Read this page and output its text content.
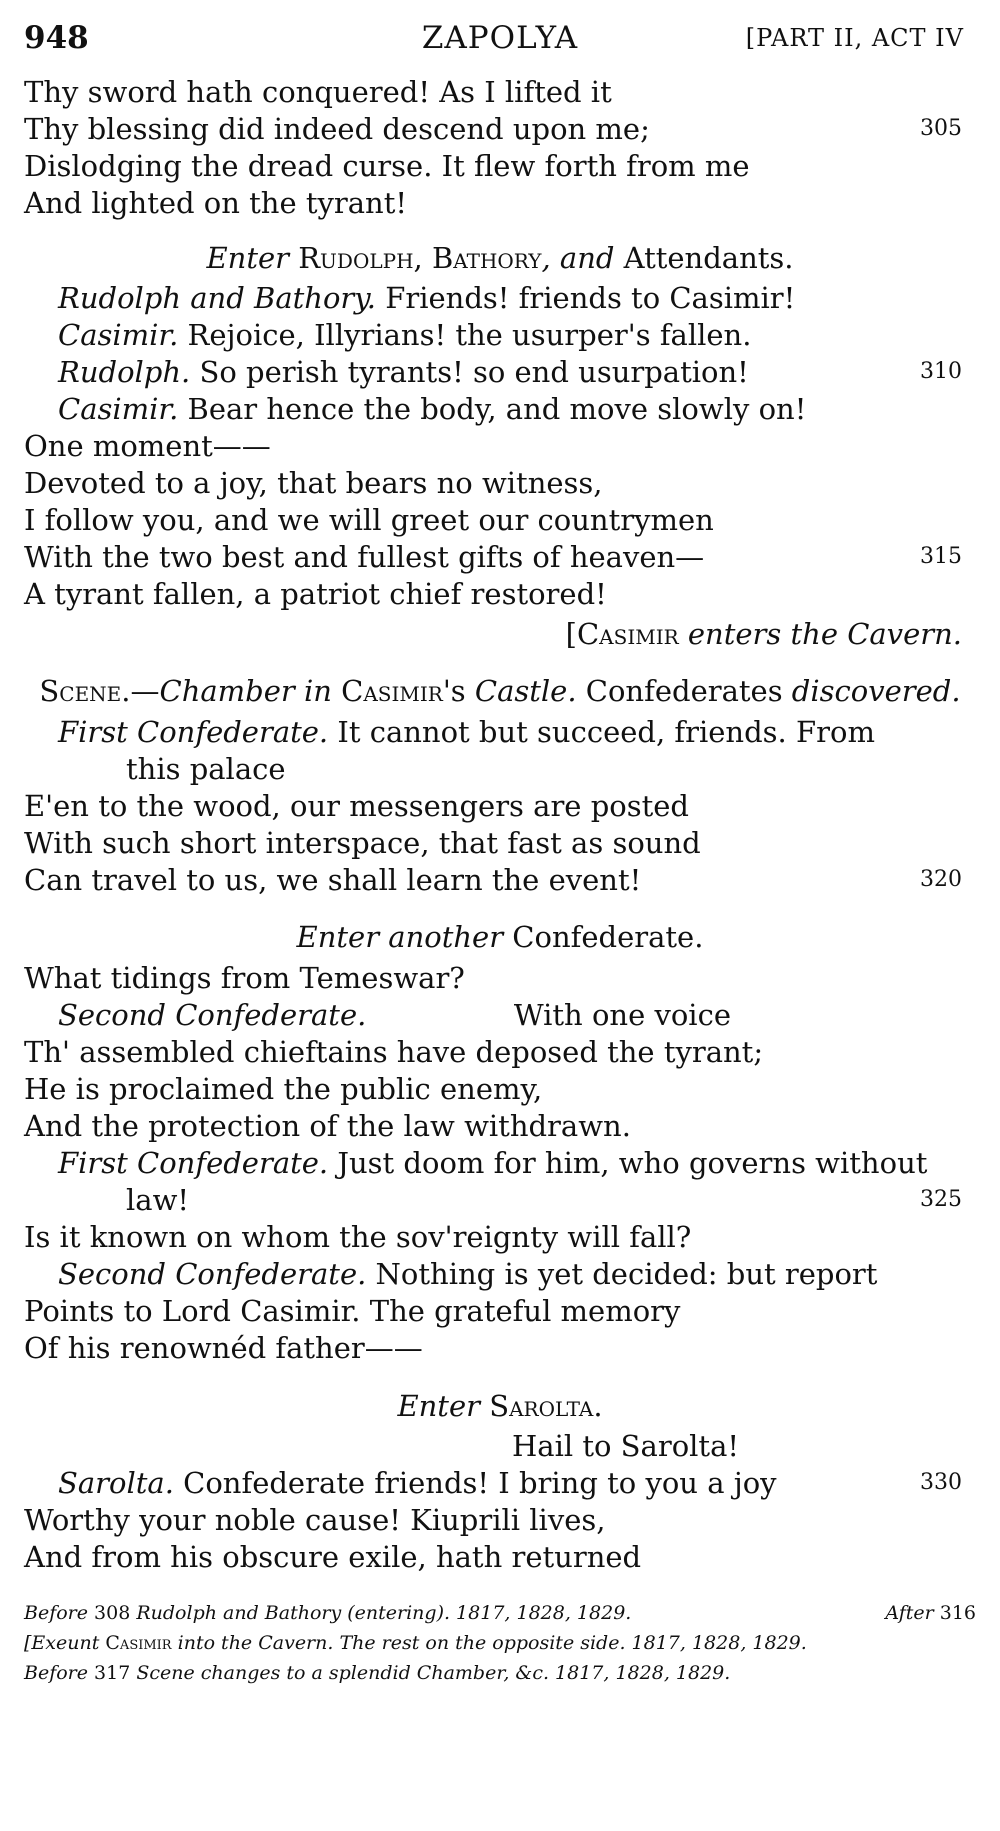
948	ZAPOLYA	[PART II, ACT IV
Thy sword hath conquered! As I lifted it
Thy blessing did indeed descend upon me;	305
Dislodging the dread curse. It flew forth from me
And lighted on the tyrant!
Enter Rudolph, Bathory, and Attendants.
Rudolph and Bathory. Friends! friends to Casimir!
Casimir. Rejoice, Illyrians! the usurper's fallen.
Rudolph. So perish tyrants! so end usurpation!	310
Casimir. Bear hence the body, and move slowly on!
One moment——
Devoted to a joy, that bears no witness,
I follow you, and we will greet our countrymen
With the two best and fullest gifts of heaven—	315
A tyrant fallen, a patriot chief restored!
[Casimir enters the Cavern.
Scene.—Chamber in Casimir's Castle. Confederates discovered.
First Confederate. It cannot but succeed, friends. From
this palace
E'en to the wood, our messengers are posted
With such short interspace, that fast as sound
Can travel to us, we shall learn the event!	320
Enter another Confederate.
What tidings from Temeswar?
Second Confederate.                With one voice
Th' assembled chieftains have deposed the tyrant;
He is proclaimed the public enemy,
And the protection of the law withdrawn.
First Confederate. Just doom for him, who governs without
law!	325
Is it known on whom the sov'reignty will fall?
Second Confederate. Nothing is yet decided: but report
Points to Lord Casimir. The grateful memory
Of his renownéd father——
Enter Sarolta.
Hail to Sarolta!
Sarolta. Confederate friends! I bring to you a joy	330
Worthy your noble cause! Kiuprili lives,
And from his obscure exile, hath returned
Before 308 Rudolph and Bathory (entering). 1817, 1828, 1829.	After 316
[Exeunt Casimir into the Cavern. The rest on the opposite side. 1817, 1828, 1829.
Before 317 Scene changes to a splendid Chamber, &c. 1817, 1828, 1829.
